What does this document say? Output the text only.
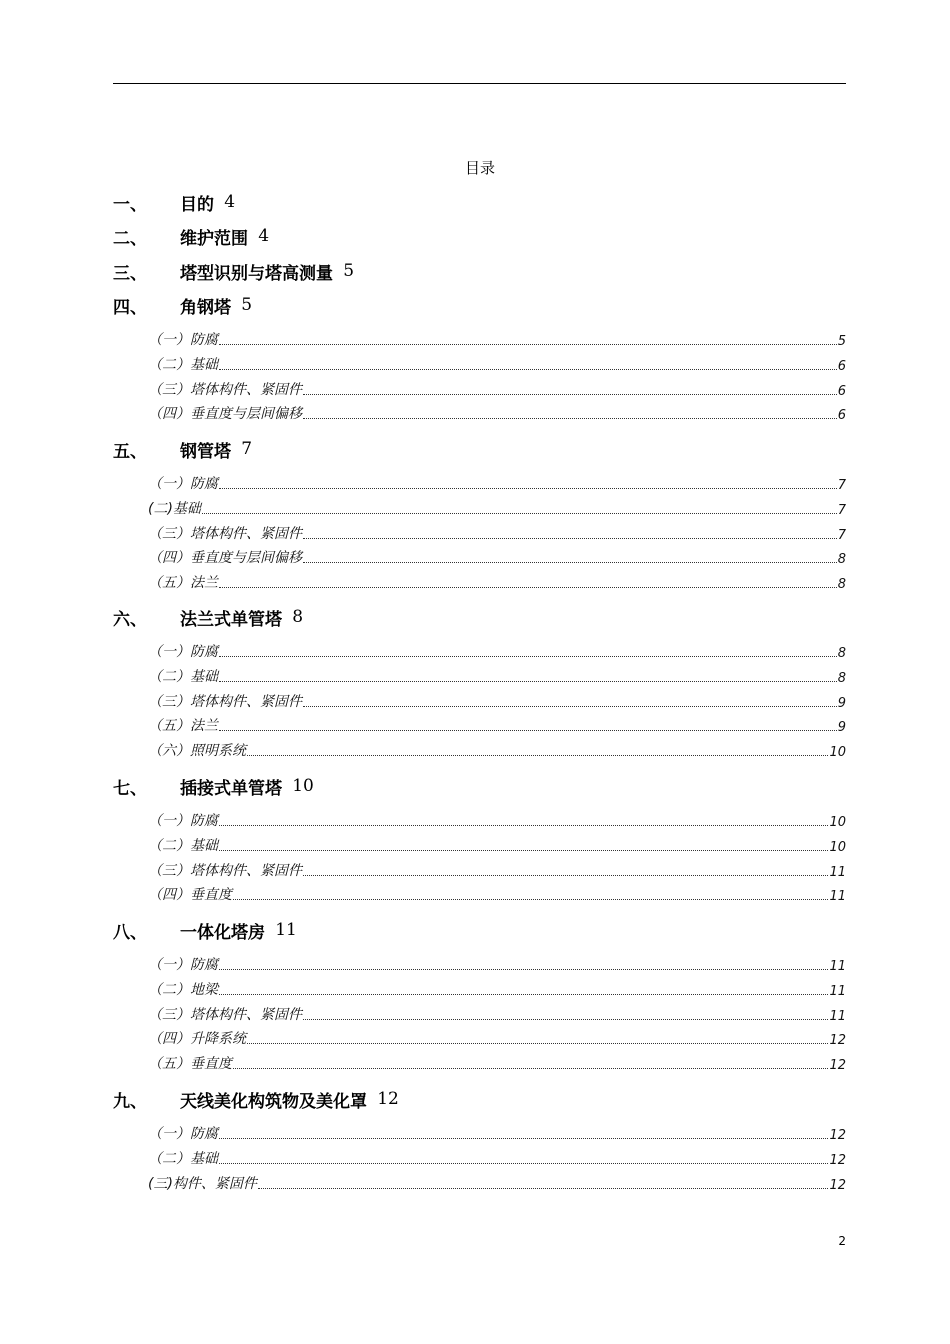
目录
一、	目的 4
二、	维护范围 4
三、	塔型识别与塔高测量 5
四、	角钢塔 5
（一）防腐	5
（二）基础	6
（三）塔体构件、紧固件	6
（四）垂直度与层间偏移	6
五、	钢管塔 7
（一）防腐	7
(二)基础	7
（三）塔体构件、紧固件	7
（四）垂直度与层间偏移	8
（五）法兰	8
六、	法兰式单管塔 8
（一）防腐	8
（二）基础	8
（三）塔体构件、紧固件	9
（五）法兰	9
（六）照明系统	10
七、	插接式单管塔 10
（一）防腐	10
（二）基础	10
（三）塔体构件、紧固件	11
（四）垂直度	11
八、	一体化塔房 11
（一）防腐	11
（二）地梁	11
（三）塔体构件、紧固件	11
（四）升降系统	12
（五）垂直度	12
九、	天线美化构筑物及美化罩 12
（一）防腐	12
（二）基础	12
(三)构件、紧固件	12
2
